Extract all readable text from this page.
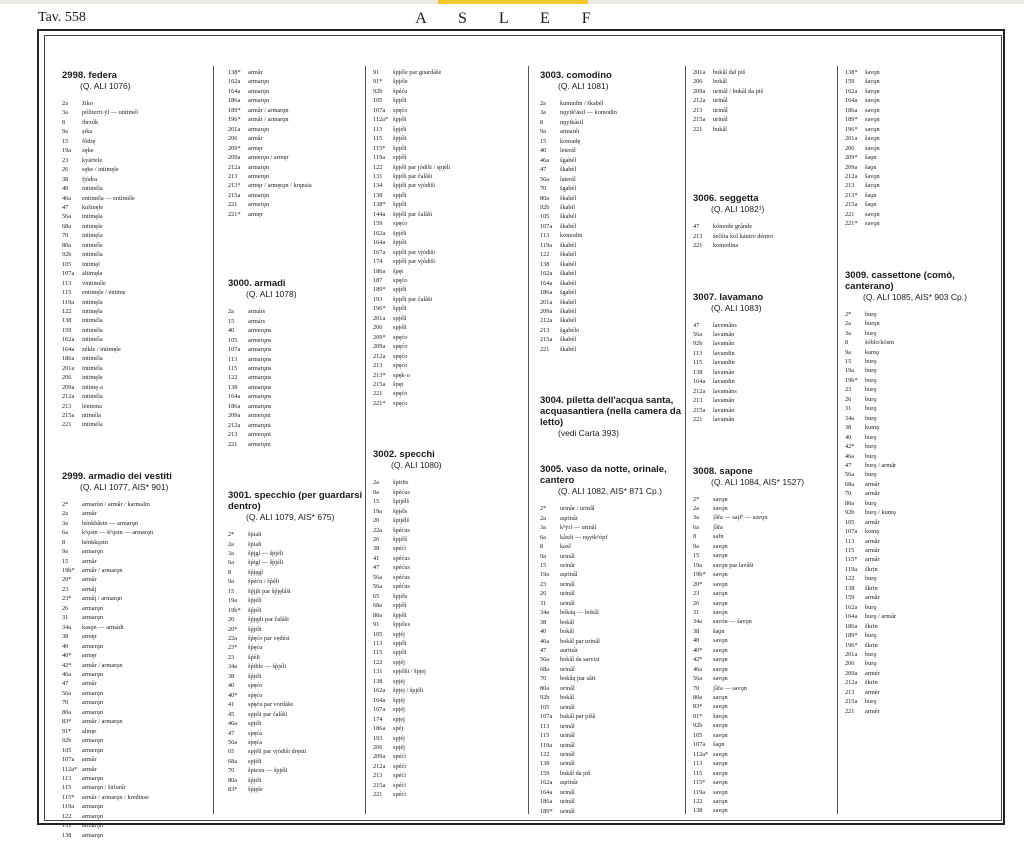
Tav. 558	A S L E F
2998. federa
(Q. ALI 1076)
2a	žiko
3a	pôliterri·ȳl — untimél
8	ibrzúk
9a	şika
15	fôdrę
19a	zęke
23	kyärtele
26	sęke / intimęle
38	fjódra
40	intiméla
46a	entiméla — entiméle
47	kušinęle
56a	intimęla
68a	intimęle
70	intimęla
80a	intiméle
92b	intiméla
105	intimęl
107a	altimęla
113	vintiméle
115	entimęle / éntime
119a	intimęla
122	intimęla
138	intiméla
159	intiméla
162a	intiméla
164a	zékle / intimęle
186a	intiméla
201a	intiméla
206	intimęle
209a	intimę·a
212a	intiméla
213	lèntema
215a	ntiméla
221	intiméla
2999. armadio dei vestiti
(Q. ALI 1077, AIS* 901)
2*	armarùn / armâr / karmalin
2a	armâr
3a	hénkbâstn — armarǫn
6a	kʰǫstn — kʰǫstn — armarǫn
8	hénkkǫstn
9a	armarǫn
15	armâr
19b*	armâr / armarǫn
20*	armâr
23	armâj
23*	armâj / armarǫn
26	armarǫn
31	armarǫn
34a	kasǫn — armádi
38	armęr
40	armerǫn
40*	armęr
42*	armâr / armarǫn
46a	armarǫn
47	armâr
56a	armarǫn
70	armarǫn
80a	armarǫn
83*	armâr / armarǫn
91*	almęr
92b	armarǫn
105	armerǫn
107a	armâr
112a* armâr
113	armarǫn
115	armarǫn / šūfunîr
115*	armâr / armarǫn / kredinse
119a	armarǫn
122	armarǫn
131	armarǫn
138	armarǫn
138*	armâr
162a	armarǫn
164a	armarǫn
186a	armarǫn
189*	armâr / armarǫn
196*	armâr / armarǫn
201a	armarǫn
206	armâr
209*	armęr
209a	armerǫn / armęr
212a	armarǫn
213	armerǫn
213*	armęr / armęrǫn / kręnsia
215a	armarǫn
221	armerǫn
221*	armęr
3000. armadi
(Q. ALI 1078)
2a	armárs
15	armárs
40	armerǫns
105	armèrǫns
107a	armarǫns
113	armarǫns
115	armarǫns
122	armarǫns
138	armarǫns
164a	armarǫns
186a	armarǫns
209a	armerǫni
212a	armarǫni
213	armerǫni
221	armerǫni
3001. specchio (per guardarsi dentro)
(Q. ALI 1079, AIS* 675)
2*	šṕiali
2a	šṕiali
3a	šṕįgl — šṕjéli
6a	šṕigl — šṕjéli
8	šṕįęgl
9a	šṕéću / šṕéli
15	šṕjįli par šṕjęlâši
19a	šṕjéli
19b*	šṕjéli
20	šṕjęįli par čalâši
20*	šṕjéli
22a	šṕęćo par vędési
23*	šṕęću
23	šṕéli
34a	šṕihle — šṕjéli
38	šṕjéli
40	spęćo
40*	spęćo
41	spęću par vordáše
45	spjéli par čalâši
46a	spjéli
47	spęća
56a	spęća
65	spjéli par vjódiši dręnti
68a	spjéli
70	špiexu — špjéli
80a	šṕjéli
83*	šṕįęle
91	špjéle par guardáše
91*	špjéle
92b	špéću
105	špjéli
107a	spęćo
112a* špjéli
113	špjéli
115	špjéli
115*	špjéli
119a	spjéli
122	špjéli par jódiši / spjéli
131	špjéli par čalâši
134	špjéli par vjódiši
138	spjéli
138*	špjéli
144a	špjéli par čalâši
159	spęćo
162a	špjéli
164a	špjéli
167a	spjéli par vjódiši
174	spjéli par vjódiši
186a	špęt
187	spęćo
189*	spjéli
193	špjéli par čalâši
196*	špjéli
201a	spjéli
206	spjéli
209*	spęćo
209a	spęćo
212a	spęćo
213	spęćo
213*	spęk·o
215a	špęt
221	spęćo
221*	spęćo
3002. specchi
(Q. ALI 1080)
2a	špirits
9a	špéćus
15	špijélš
19a	špjéls
20	špijélš
22a	špéćus
26	špjélš
38	spéći
41	spéćus
47	spéćus
56a	spéćus
56a	spéćus
65	špjéls
68a	spjéli
80a	špjéli
91	špjéles
105	spjéj
113	spjéli
115	spjéli
122	spjéj
131	spjélši / špjej
138	spjéj
162a	špjej / špjéli
164a	špjéj
167a	spjéj
174	spjej
186a	spéj
193	spjéj
206	spjéj
209a	spéći
212a	spéći
213	spéći
215a	spéći
221	spéći
3003. comodino
(Q. ALI 1081)
2a	kumudin / škabél
3a	nǫytkʰästl — komodin
8	nǫytkâstl
9a	armarét
15	komudę
40	leterál
46a	šgabél
47	škabél
56a	laterál
70	šgabél
80a	škabél
92b	škabil
105	škabél
107a	škabél
113	komodin
119a	škabél
122	škabél
138	škabél
162a	škabél
164a	škabél
186a	šgabél
201a	škabél
209a	škabél
212a	škabél
213	šgabélo
215a	škabél
221	škabél
3004. piletta dell'acqua santa, acquasantiera (nella camera da letto)
(vedi Carta 393)
3005. vaso da notte, orinale, cantero
(Q. ALI 1082, AIS* 871 Cp.)
2*	urinâr / urinâl
2a	aųrinâr
3a	kʰȳrl — urinâl
6a	kâxšt — nǫytkʰópf
8	kaxl
9a	urinâl
15	orinâr
19a	aųrinâl
23	urinâl
26	urinâl
31	urinâl
34a	bókáų — bokâl
38	bokâl
40	bokâl
46a	bokâl par urinâl
47	aurinâr
56a	bokâl da sarvisi
68a	urinâl
70	bokâų par sâtt
80a	urinâl
92b	bokâl
105	urinâl
107a	bukâl par pišâ
113	urinâl
115	urinâl
119a	urinâl
122	urinâl
138	urinâl
159	bukâl da piš
162a	aųrinâr
164a	urinâl
186a	urinâl
189*	urinâl
201a	bukâl dal piš
206	bokâl
209a	urinâl / bukâl da piš
212a	urinâl
213	urinâl
215a	urinâl
221	bukâl
3006. seggetta
(Q. ALI 1082¹)
47	kómode grânde
213	šečéta kol kántro déntro
221	komodina
3007. lavamano
(Q. ALI 1083)
47	lavemâns
56a	lavamân
92b	lavamân
113	lavandin
115	lavandin
138	lavamân
164a	lavandin
212a	lavamâns
213	lavamân
215a	lavamân
221	lavamân
3008. sapone
(Q. ALI 1084, AIS* 1527)
2*	savǫn
2a	savǫn
3a	ʃâfa — saįfʰ — savǫn
6a	ʃâfa
8	safn
9a	savǫn
15	savǫn
19a	savǫn par lavâši
19b*	savǫn
20*	savǫn
23	savǫn
26	savǫn
31	savǫn
34a	savón — šavǫn
38	šaǫn
40	savǫn
40*	savǫn
42*	savǫn
46a	savǫn
56a	savǫn
70	ʃâfa — savǫn
80a	savǫn
83*	savǫn
91*	šavǫn
92b	savǫn
105	savǫn
107a	šaǫn
112a* savǫn
113	savǫn
115	savǫn
115*	savǫn
119a	savǫn
122	savǫn
138	savǫn
138*	šavǫn
159	šavǫn
162a	šavǫn
164a	savǫn
186a	savǫn
189*	savǫn
196*	savǫn
201a	šavǫn
206	savǫn
209*	šaǫn
209a	šaǫn
212a	šavǫn
213	šavǫn
213*	šaǫn
215a	šaǫn
221	savǫn
221*	savǫn
3009. cassettone (comò, canterano)
(Q. ALI 1085, AIS* 903 Cp.)
2*	burǫ
2a	burǫn
3a	burǫ
8	šóblo/kóstn
9a	kamǫ
15	burǫ
19a	burǫ
19b*	burǫ
23	burǫ
26	burǫ
31	burǫ
34a	burǫ
38	kumǫ
40	burǫ
42*	burǫ
46a	burǫ
47	burǫ / armâr
56a	burǫ
68a	armâr
70	armâr
80a	burǫ
92b	burǫ / kumǫ
105	armâr
107a	komǫ
113	armâr
115	armâr
115*	armâr
119a	škrin
122	burǫ
138	škrin
159	armâr
162a	burǫ
164a	burǫ / armâr
186a	škrin
189*	burǫ
196*	škrin
201a	burǫ
206	burǫ
209a	armér
212a	škrin
213	armér
215a	burǫ
221	armér
